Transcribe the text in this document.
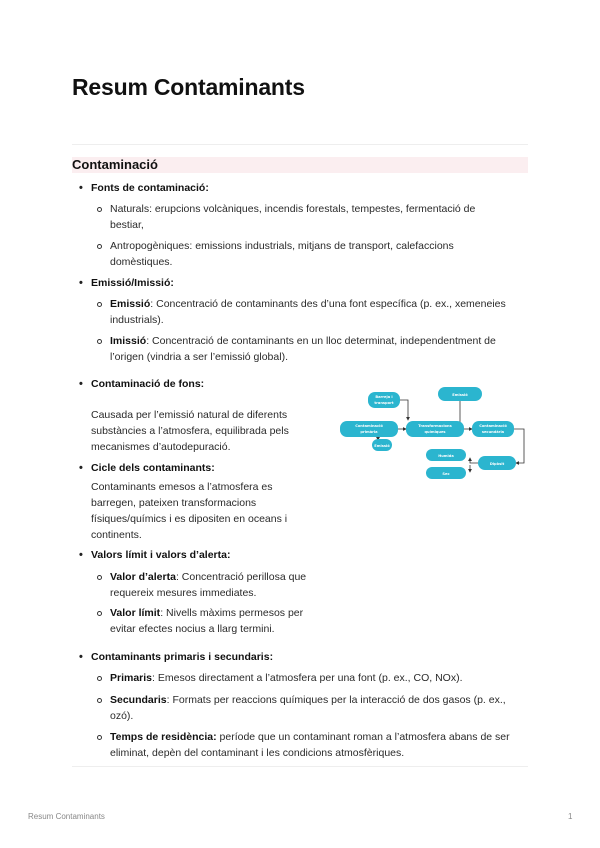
Resum Contaminants
Contaminació
• Fonts de contaminació:
Naturals: erupcions volcàniques, incendis forestals, tempestes, fermentació de bestiar,
Antropogèniques: emissions industrials, mitjans de transport, calefaccions domèstiques.
• Emissió/Imissió:
Emissió: Concentració de contaminants des d’una font específica (p. ex., xemeneies industrials).
Imissió: Concentració de contaminants en un lloc determinat, independentment de l’origen (vindria a ser l’emissió global).
• Contaminació de fons:
Causada per l’emissió natural de diferents substàncies a l’atmosfera, equilibrada pels mecanismes d’autodepuració.
• Cicle dels contaminants:
Contaminants emesos a l’atmosfera es barregen, pateixen transformacions físiques/químics i es dipositen en oceans i continents.
• Valors límit i valors d’alerta:
Valor d’alerta: Concentració perillosa que requereix mesures immediates.
Valor límit: Nivells màxims permesos per evitar efectes nocius a llarg termini.
• Contaminants primaris i secundaris:
Primaris: Emesos directament a l’atmosfera per una font (p. ex., CO, NOx).
Secundaris: Formats per reaccions químiques per la interacció de dos gasos (p. ex., ozó).
Temps de residència: període que un contaminant roman a l’atmosfera abans de ser eliminat, depèn del contaminant i les condicions atmosfèriques.
Barreja i
transport
Emissió
Contaminació
primària
Transformacions
químiques
Contaminació
secundària
Dipòsit
Humida
Sec
Emissió
Resum Contaminants	1
